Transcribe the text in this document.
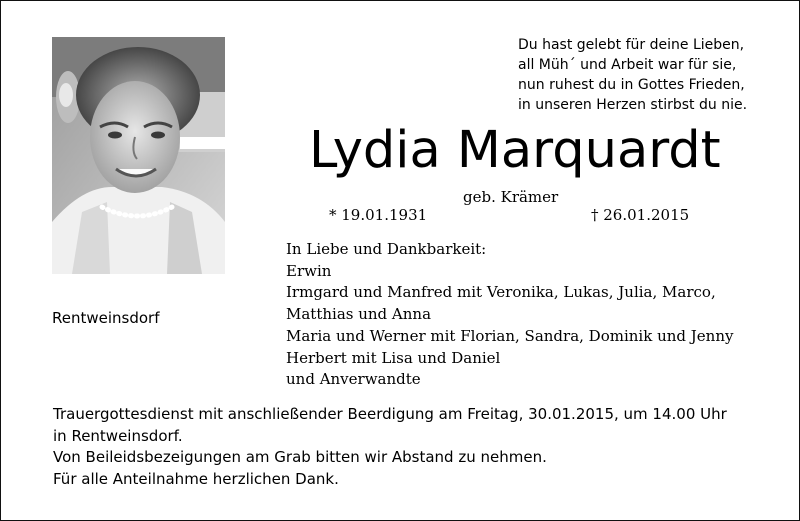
Du hast gelebt für deine Lieben,
all Müh´ und Arbeit war für sie,
nun ruhest du in Gottes Frieden,
in unseren Herzen stirbst du nie.
Lydia Marquardt
geb. Krämer
* 19.01.1931	† 26.01.2015
Rentweinsdorf
In Liebe und Dankbarkeit:
Erwin
Irmgard und Manfred mit Veronika, Lukas, Julia, Marco,
Matthias und Anna
Maria und Werner mit Florian, Sandra, Dominik und Jenny
Herbert mit Lisa und Daniel
und Anverwandte
Trauergottesdienst mit anschließender Beerdigung am Freitag, 30.01.2015, um 14.00 Uhr
in Rentweinsdorf.
Von Beileidsbezeigungen am Grab bitten wir Abstand zu nehmen.
Für alle Anteilnahme herzlichen Dank.
